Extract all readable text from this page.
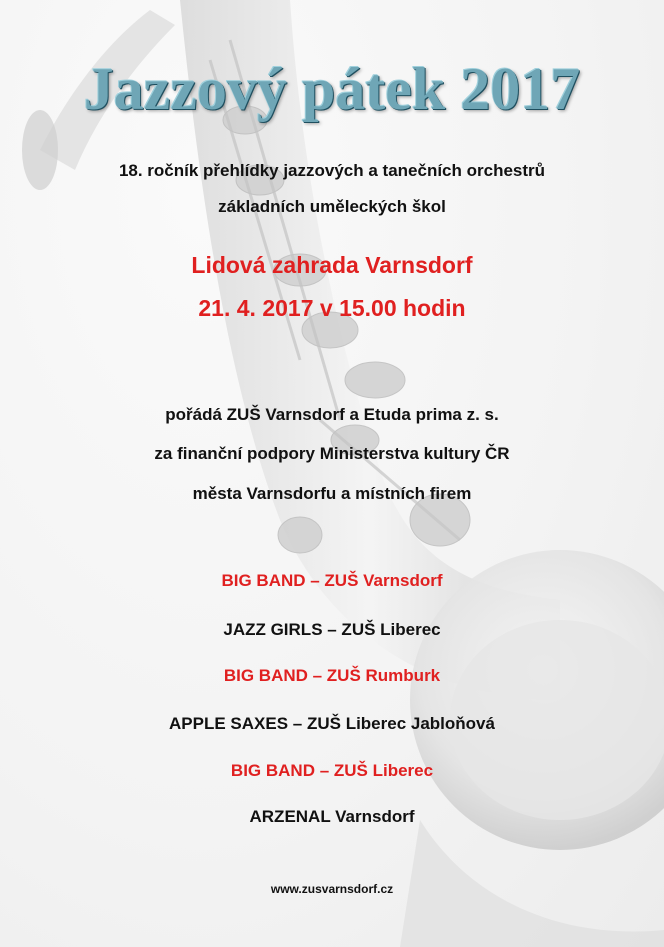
Jazzový pátek 2017
18. ročník přehlídky jazzových a tanečních orchestrů
základních uměleckých škol
Lidová zahrada Varnsdorf
21. 4. 2017 v 15.00 hodin
pořádá ZUŠ Varnsdorf a Etuda prima z. s.
za finanční podpory Ministerstva kultury ČR
města Varnsdorfu a místních firem
BIG BAND – ZUŠ Varnsdorf
JAZZ GIRLS – ZUŠ Liberec
BIG BAND – ZUŠ Rumburk
APPLE SAXES – ZUŠ Liberec Jabloňová
BIG BAND – ZUŠ Liberec
ARZENAL Varnsdorf
www.zusvarnsdorf.cz
